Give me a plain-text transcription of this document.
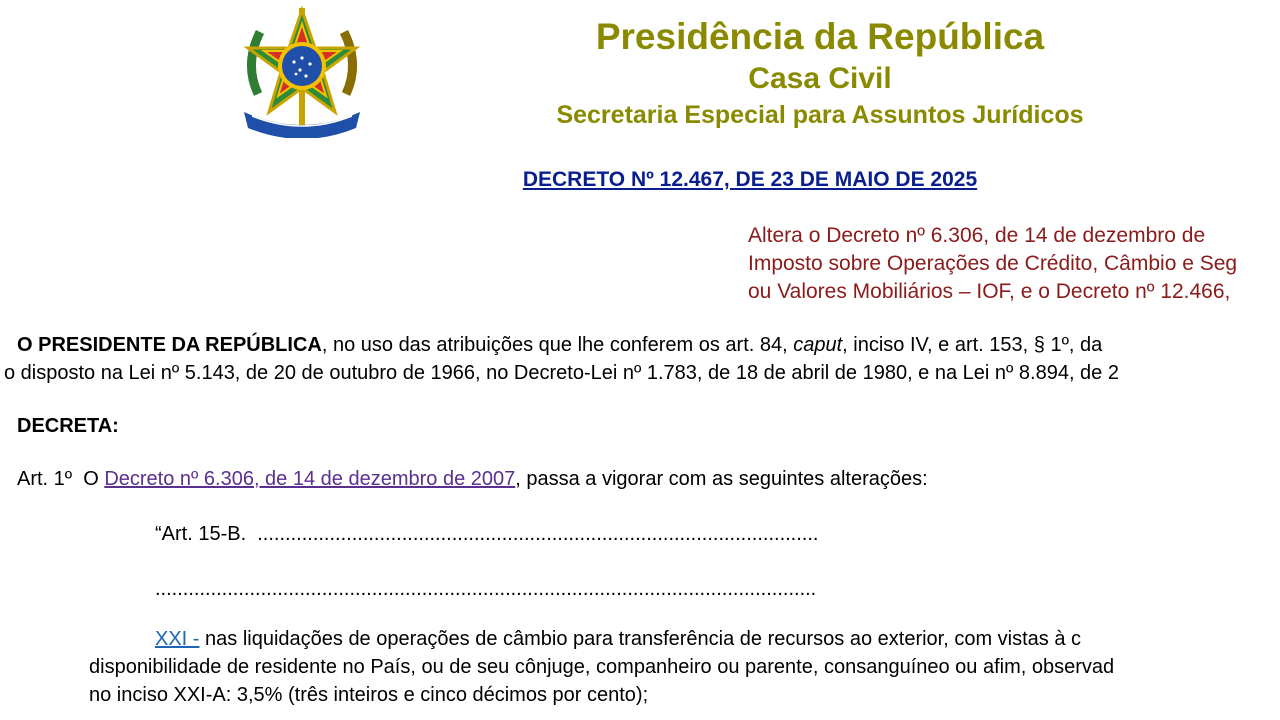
Presidência da República
Casa Civil
Secretaria Especial para Assuntos Jurídicos
DECRETO Nº 12.467, DE 23 DE MAIO DE 2025
Altera o Decreto nº 6.306, de 14 de dezembro de
Imposto sobre Operações de Crédito, Câmbio e Seg
ou Valores Mobiliários – IOF, e o Decreto nº 12.466,
O PRESIDENTE DA REPÚBLICA, no uso das atribuições que lhe conferem os art. 84, caput, inciso IV, e art. 153, § 1º, da
o disposto na Lei nº 5.143, de 20 de outubro de 1966, no Decreto-Lei nº 1.783, de 18 de abril de 1980, e na Lei nº 8.894, de 2
DECRETA:
Art. 1º  O Decreto nº 6.306, de 14 de dezembro de 2007, passa a vigorar com as seguintes alterações:
“Art. 15-B.  .....................................................................................................
.......................................................................................................................
XXI - nas liquidações de operações de câmbio para transferência de recursos ao exterior, com vistas à c
disponibilidade de residente no País, ou de seu cônjuge, companheiro ou parente, consanguíneo ou afim, observad
no inciso XXI-A: 3,5% (três inteiros e cinco décimos por cento);
